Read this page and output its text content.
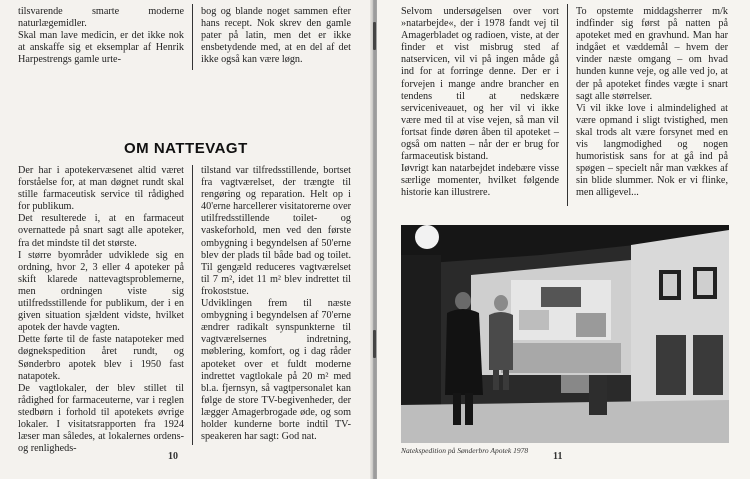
tilsvarende smarte moderne naturlægemidler.
Skal man lave medicin, er det ikke nok at anskaffe sig et eksemplar af Henrik Harpestrengs gamle urte-
bog og blande noget sammen efter hans recept. Nok skrev den gamle pater på latin, men det er ikke ensbetydende med, at en del af det ikke også kan være løgn.
OM NATTEVAGT
Der har i apotekervæsenet altid været forståelse for, at man døgnet rundt skal stille farmaceutisk service til rådighed for publikum.
Det resulterede i, at en farmaceut overnattede på snart sagt alle apoteker, fra det mindste til det største.
I større byområder udviklede sig en ordning, hvor 2, 3 eller 4 apoteker på skift klarede nattevagtsproblemerne, men ordningen viste sig utilfredsstillende for publikum, der i en given situation sjældent vidste, hvilket apotek der havde vagten.
Dette førte til de faste natapoteker med døgnekspedition året rundt, og Sønderbro apotek blev i 1950 fast natapotek.
De vagtlokaler, der blev stillet til rådighed for farmaceuterne, var i reglen stedbørn i forhold til apotekets øvrige lokaler. I visitatsrapporten fra 1924 læser man således, at lokalernes ordens- og renligheds-
tilstand var tilfredsstillende, bortset fra vagtværelset, der trængte til rengøring og reparation. Helt op i 40'erne harcellerer visitatorerne over utilfredsstillende toilet- og vaskeforhold, men ved den første ombygning i begyndelsen af 50'erne blev der plads til både bad og toilet. Til gengæld reduceres vagtværelset til 7 m², idet 11 m² blev indrettet til frokoststue.
Udviklingen frem til næste ombygning i begyndelsen af 70'erne ændrer radikalt synspunkterne til vagtværelsernes indretning, møblering, komfort, og i dag råder apoteket over et fuldt moderne indrettet vagtlokale på 20 m² med bl.a. fjernsyn, så vagtpersonalet kan følge de store TV-begivenheder, der lægger Amagerbrogade øde, og som holder kunderne borte indtil TV-speakeren har sagt: God nat.
10
Selvom undersøgelsen over vort »natarbejde«, der i 1978 fandt vej til Amagerbladet og radioen, viste, at der finder et vist misbrug sted af natservicen, vil vi på ingen måde gå ind for at forringe denne. Der er i forvejen i mange andre brancher en tendens til at nedskære serviceniveauet, og her vil vi ikke være med til at vise vejen, så man vil fortsat finde døren åben til apoteket – også om natten – når der er brug for farmaceutisk bistand.
Iøvrigt kan natarbejdet indebære visse særlige momenter, hvilket følgende historie kan illustrere.
To opstemte middagsherrer m/k indfinder sig først på natten på apoteket med en gravhund. Man har indgået et væddemål – hvem der vinder næste omgang – om hvad hunden kunne veje, og alle ved jo, at der på apoteket findes vægte i snart sagt alle størrelser.
Vi vil ikke love i almindelighed at være opmand i sligt tvistighed, men skal trods alt være forsynet med en vis langmodighed og nogen humoristisk sans for at gå ind på spøgen – specielt når man vækkes af sin blide slummer. Nok er vi flinke, men alligevel...
Natekspedition på Sønderbro Apotek 1978
11
